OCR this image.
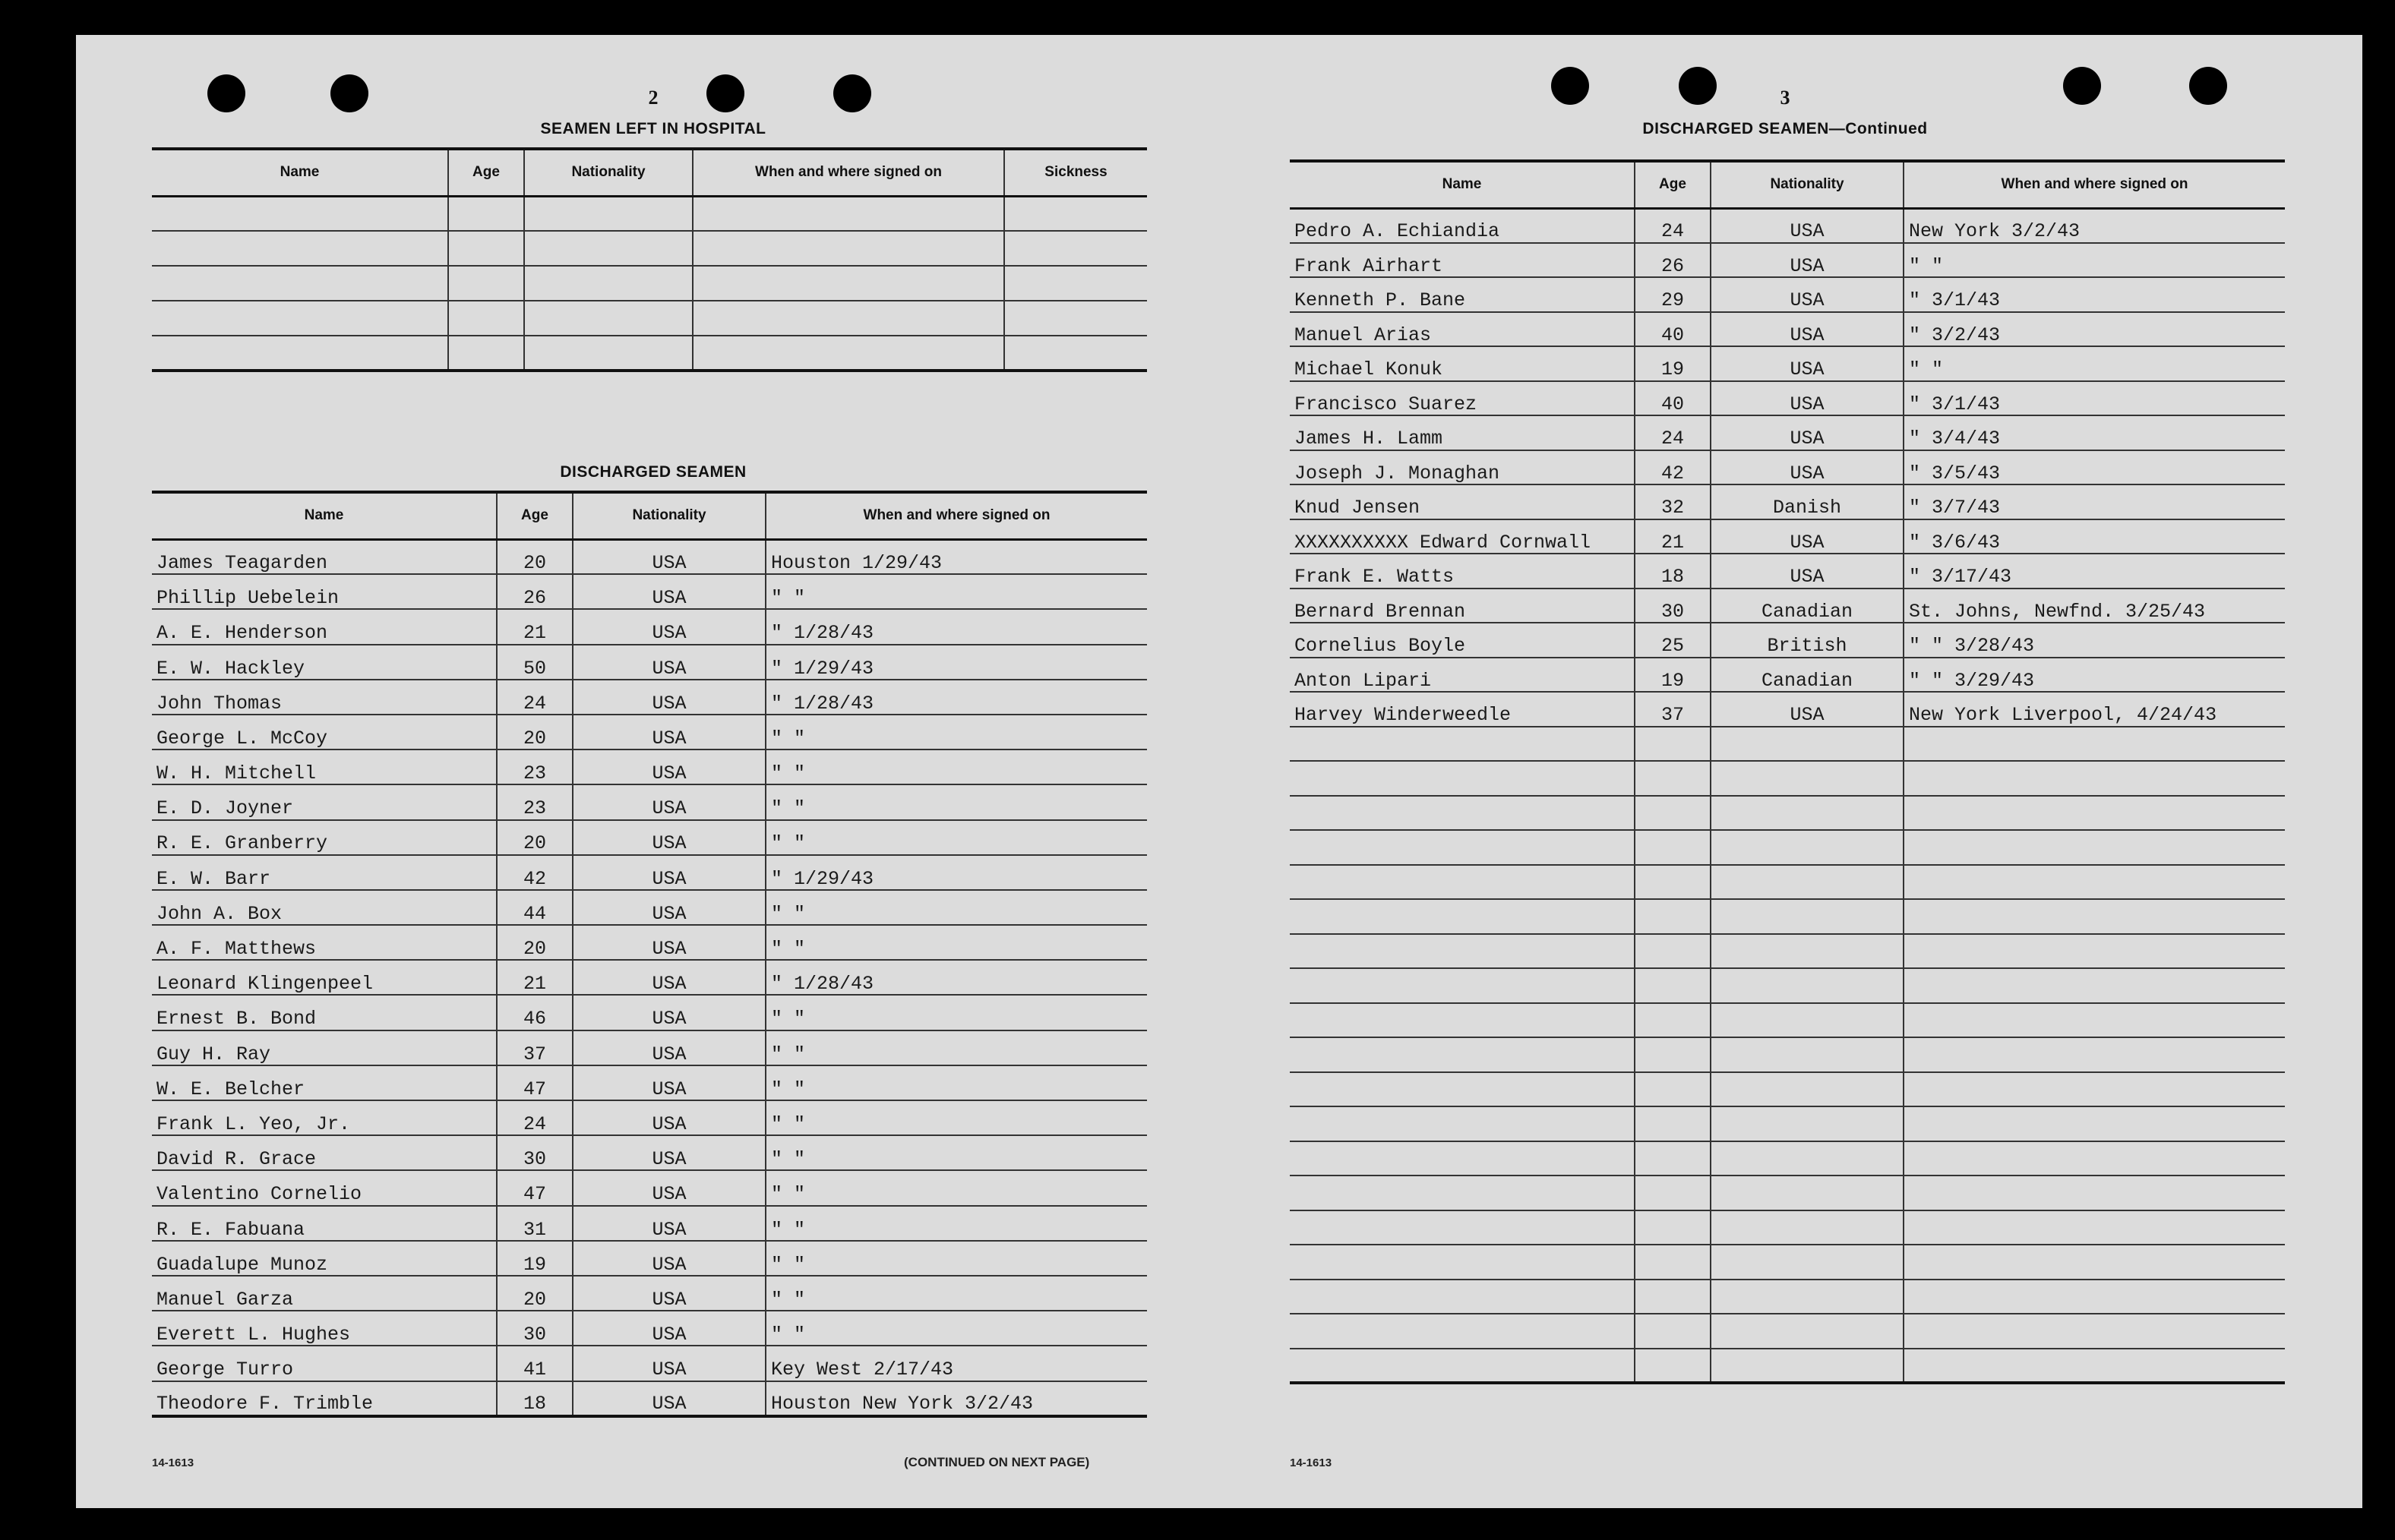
2
SEAMEN LEFT IN HOSPITAL
Name	Age	Nationality	When and where signed on	Sickness

DISCHARGED SEAMEN
Name	Age	Nationality	When and where signed on
James Teagarden	20	USA	Houston 1/29/43
Phillip Uebelein	26	USA	" "
A. E. Henderson	21	USA	" 1/28/43
E. W. Hackley	50	USA	" 1/29/43
John Thomas	24	USA	" 1/28/43
George L. McCoy	20	USA	" "
W. H. Mitchell	23	USA	" "
E. D. Joyner	23	USA	" "
R. E. Granberry	20	USA	" "
E. W. Barr	42	USA	" 1/29/43
John A. Box	44	USA	" "
A. F. Matthews	20	USA	" "
Leonard Klingenpeel	21	USA	" 1/28/43
Ernest B. Bond	46	USA	" "
Guy H. Ray	37	USA	" "
W. E. Belcher	47	USA	" "
Frank L. Yeo, Jr.	24	USA	" "
David R. Grace	30	USA	" "
Valentino Cornelio	47	USA	" "
R. E. Fabuana	31	USA	" "
Guadalupe Munoz	19	USA	" "
Manuel Garza	20	USA	" "
Everett L. Hughes	30	USA	" "
George Turro	41	USA	Key West 2/17/43
Theodore F. Trimble	18	USA	Houston New York 3/2/43
14-1613	(CONTINUED ON NEXT PAGE)
3
DISCHARGED SEAMEN—Continued
Name	Age	Nationality	When and where signed on
Pedro A. Echiandia	24	USA	New York 3/2/43
Frank Airhart	26	USA	" "
Kenneth P. Bane	29	USA	" 3/1/43
Manuel Arias	40	USA	" 3/2/43
Michael Konuk	19	USA	" "
Francisco Suarez	40	USA	" 3/1/43
James H. Lamm	24	USA	" 3/4/43
Joseph J. Monaghan	42	USA	" 3/5/43
Knud Jensen	32	Danish	" 3/7/43
XXXXXXXXXX Edward Cornwall	21	USA	" 3/6/43
Frank E. Watts	18	USA	" 3/17/43
Bernard Brennan	30	Canadian	St. Johns, Newfnd. 3/25/43
Cornelius Boyle	25	British	" " 3/28/43
Anton Lipari	19	Canadian	" " 3/29/43
Harvey Winderweedle	37	USA	New York Liverpool, 4/24/43

14-1613
